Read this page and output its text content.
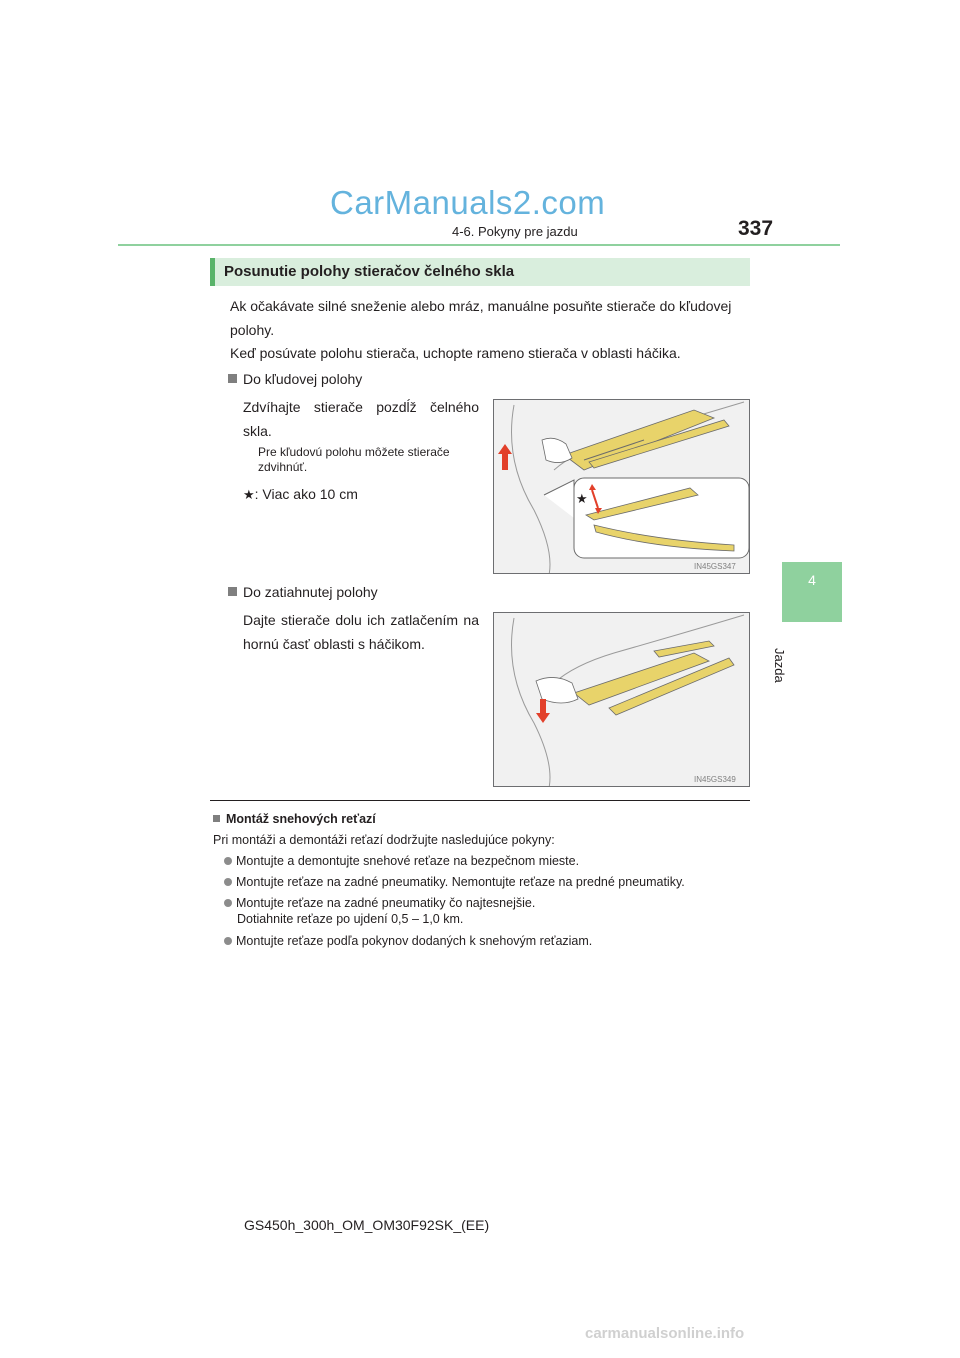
CarManuals2.com
4-6. Pokyny pre jazdu	337
4
Jazda
Posunutie polohy stieračov čelného skla
Ak očakávate silné sneženie alebo mráz, manuálne posuňte stierače do kľudovej polohy.
Keď posúvate polohu stierača, uchopte rameno stierača v oblasti háčika.
Do kľudovej polohy
Zdvíhajte stierače pozdĺž čelného skla.
Pre kľudovú polohu môžete stierače zdvihnúť.
★: Viac ako 10 cm	★
IN45GS347
Do zatiahnutej polohy
Dajte stierače dolu ich zatlačením na hornú časť oblasti s háčikom.
IN45GS349
Montáž snehových reťazí
Pri montáži a demontáži reťazí dodržujte nasledujúce pokyny:
Montujte a demontujte snehové reťaze na bezpečnom mieste.
Montujte reťaze na zadné pneumatiky. Nemontujte reťaze na predné pneumatiky.
Montujte reťaze na zadné pneumatiky čo najtesnejšie.
Dotiahnite reťaze po ujdení 0,5 – 1,0 km.
Montujte reťaze podľa pokynov dodaných k snehovým reťaziam.
GS450h_300h_OM_OM30F92SK_(EE)
carmanualsonline.info
